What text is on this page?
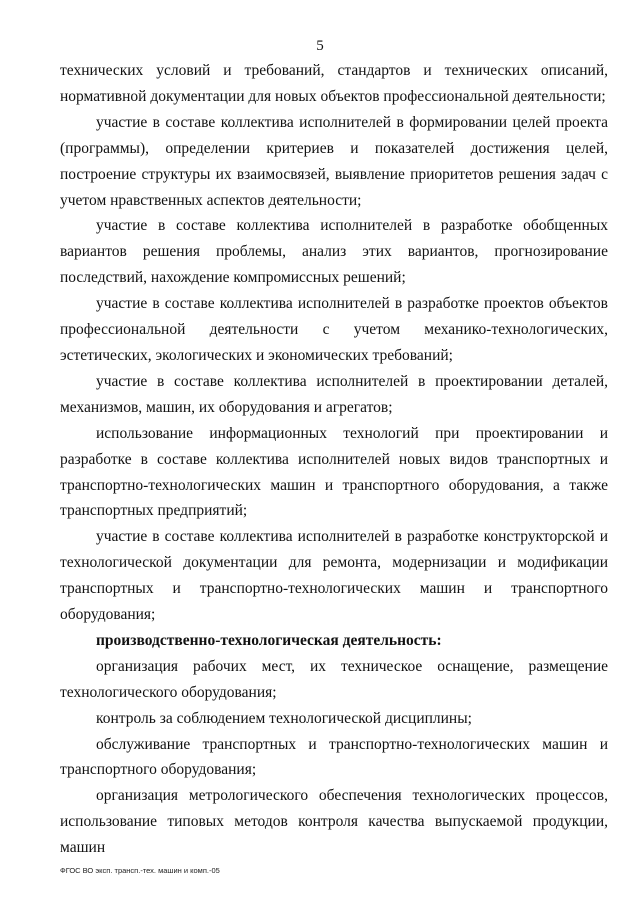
5

технических условий и требований, стандартов и технических описаний, нормативной документации для новых объектов профессиональной деятельности;

участие в составе коллектива исполнителей в формировании целей проекта (программы), определении критериев и показателей достижения целей, построение структуры их взаимосвязей, выявление приоритетов решения задач с учетом нравственных аспектов деятельности;

участие в составе коллектива исполнителей в разработке обобщенных вариантов решения проблемы, анализ этих вариантов, прогнозирование последствий, нахождение компромиссных решений;

участие в составе коллектива исполнителей в разработке проектов объектов профессиональной деятельности с учетом механико-технологических, эстетических, экологических и экономических требований;

участие в составе коллектива исполнителей в проектировании деталей, механизмов, машин, их оборудования и агрегатов;

использование информационных технологий при проектировании и разработке в составе коллектива исполнителей новых видов транспортных и транспортно-технологических машин и транспортного оборудования, а также транспортных предприятий;

участие в составе коллектива исполнителей в разработке конструкторской и технологической документации для ремонта, модернизации и модификации транспортных и транспортно-технологических машин и транспортного оборудования;

производственно-технологическая деятельность:

организация рабочих мест, их техническое оснащение, размещение технологического оборудования;

контроль за соблюдением технологической дисциплины;

обслуживание транспортных и транспортно-технологических машин и транспортного оборудования;

организация метрологического обеспечения технологических процессов, использование типовых методов контроля качества выпускаемой продукции, машин

ФГОС ВО эксп. трансп.-тех. машин и комп.-05
